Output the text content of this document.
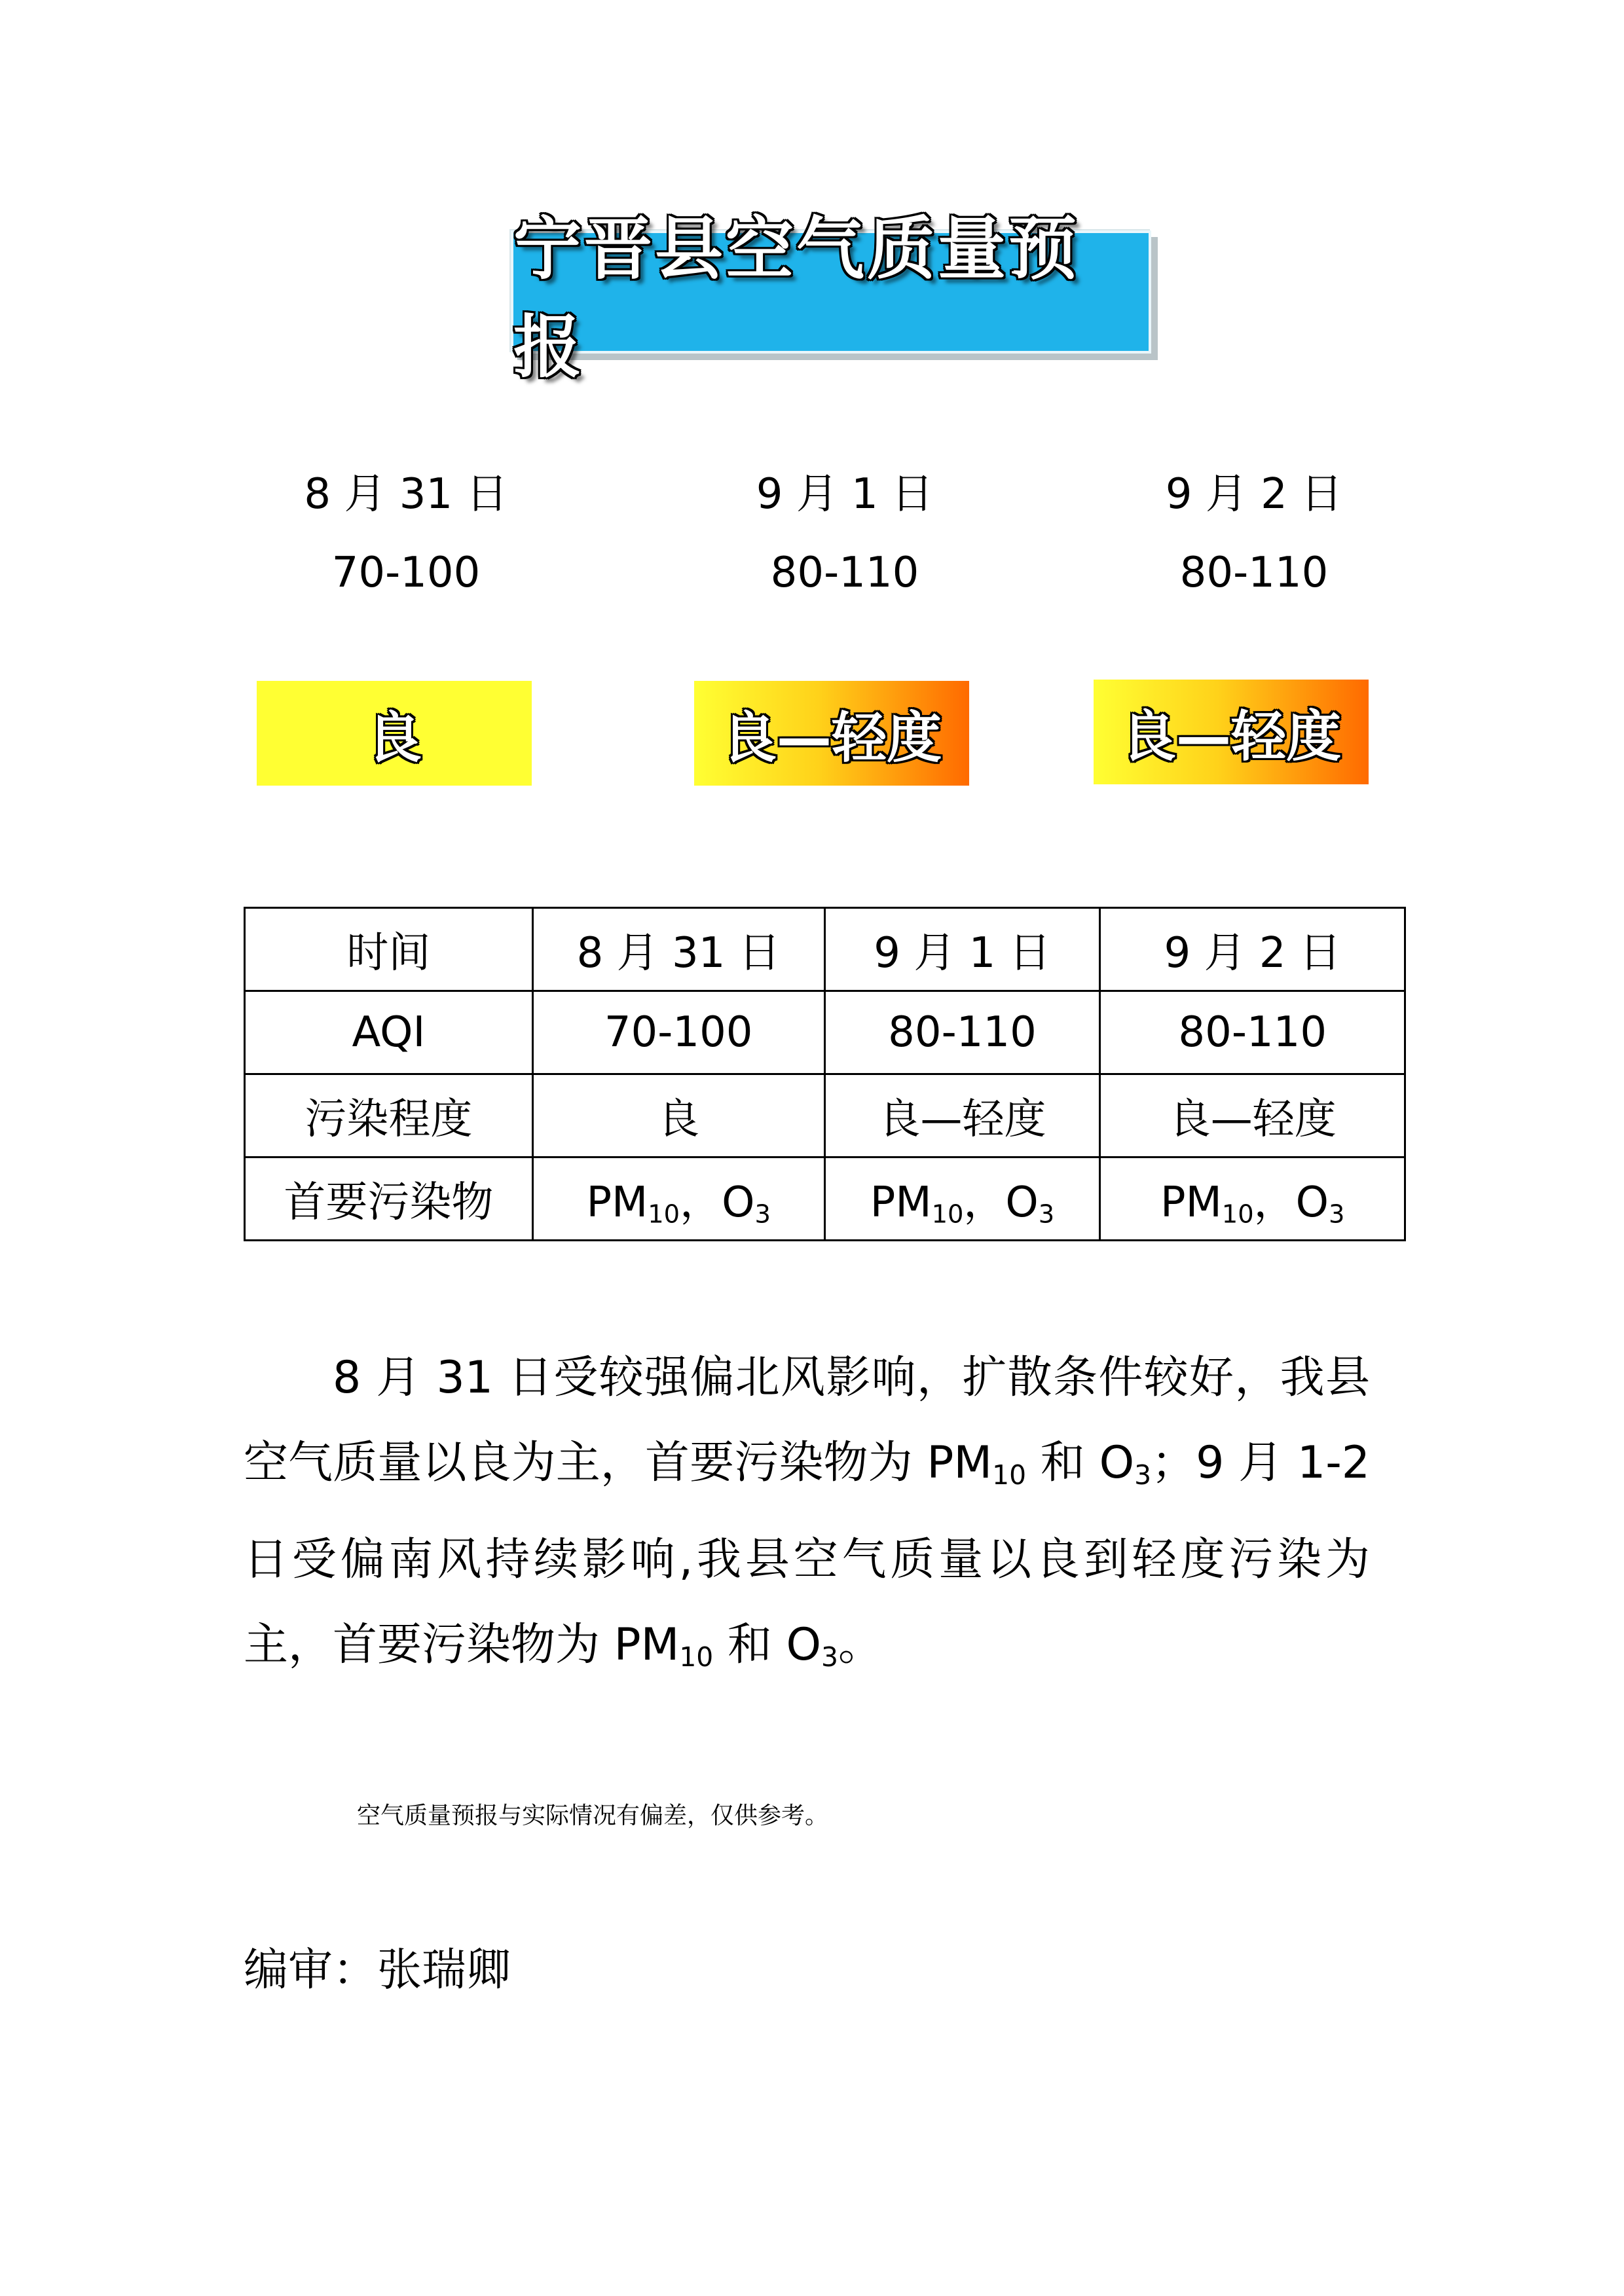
宁晋县空气质量预报
8 月 31 日
70-100
9 月 1 日
80-110
9 月 2 日
80-110
良	良—轻度	良—轻度
时间	8 月 31 日	9 月 1 日	9 月 2 日
AQI	70-100	80-110	80-110
污染程度	良	良—轻度	良—轻度
首要污染物	$PM_{10}$，$O_3$	$PM_{10}$，$O_3$	$PM_{10}$，$O_3$
8 月 31 日受较强偏北风影响，扩散条件较好，我县空气质量以良为主，首要污染物为 $PM_{10}$ 和 $O_3$；9 月 1-2 日受偏南风持续影响,我县空气质量以良到轻度污染为主，首要污染物为 $PM_{10}$ 和 $O_3$。
空气质量预报与实际情况有偏差，仅供参考。
编审：张瑞卿
